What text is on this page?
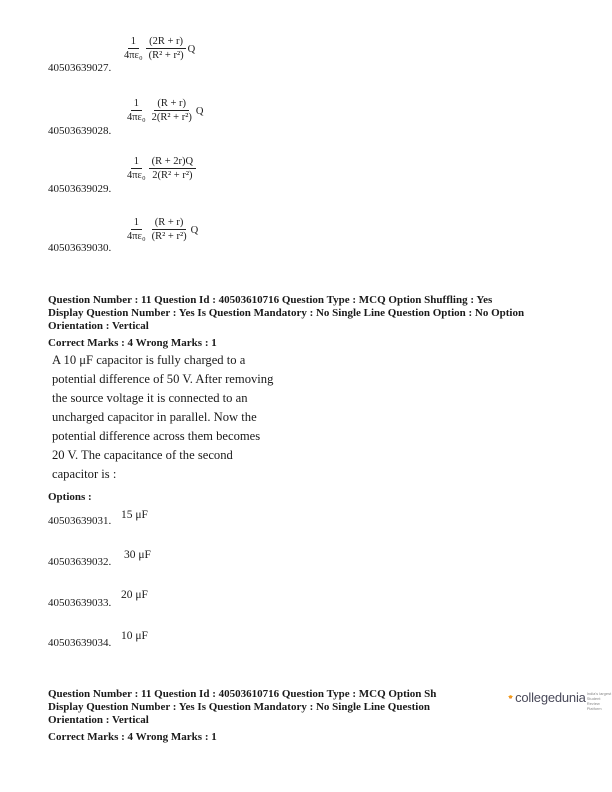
40503639027.
$\frac{1}{\text{4πε₀}} \frac{(2R + r)}{\text{(R² + r²)}}$ Q
40503639028.
$\frac{1}{\text{4πε₀}} \frac{(R + r)}{\text{2(R² + r²)}}$ Q
40503639029.
$\frac{1}{\text{4πε₀}} \frac{(R + 2r)Q}{\text{2(R² + r²)}}$
40503639030.
$\frac{1}{\text{4πε₀}} \frac{(R + r)}{\text{(R² + r²)}}$ Q
Question Number : 11 Question Id : 40503610716 Question Type : MCQ Option Shuffling : Yes
Display Question Number : Yes Is Question Mandatory : No Single Line Question Option : No Option
Orientation : Vertical
Correct Marks : 4 Wrong Marks : 1
A 10 μF capacitor is fully charged to a
potential difference of 50 V. After removing
the source voltage it is connected to an
uncharged capacitor in parallel. Now the
potential difference across them becomes
20 V. The capacitance of the second
capacitor is :
Options :
40503639031. 15 μF
40503639032.
30 μF
40503639033.
20 μF
40503639034.
10 μF
Question Number : 11 Question Id : 40503610716 Question Type : MCQ Option Sh
Display Question Number : Yes Is Question Mandatory : No Single Line Question
Orientation : Vertical
Correct Marks : 4 Wrong Marks : 1
collegedunia India's largest Student Review Platform
